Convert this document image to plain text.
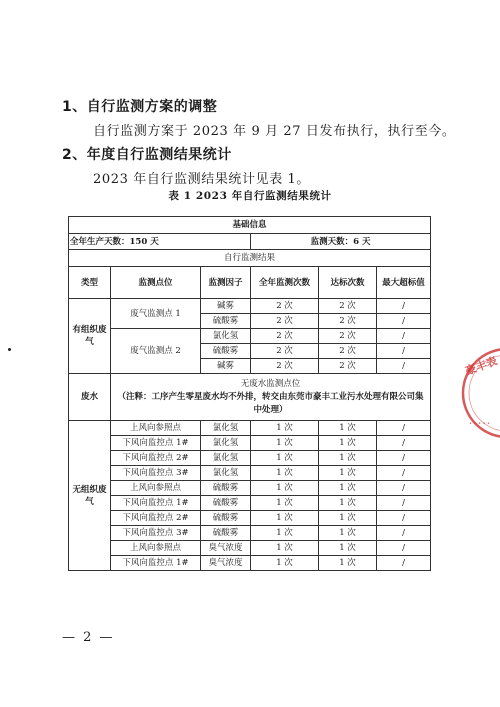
1、自行监测方案的调整
自行监测方案于 2023 年 9 月 27 日发布执行，执行至今。
2、年度自行监测结果统计
2023 年自行监测结果统计见表 1。
表 1 2023 年自行监测结果统计
基础信息					
全年生产天数：150 天			监测天数：6 天		
自行监测结果					
类型	监测点位	监测因子	全年监测次数	达标次数	最大超标值
有组织废气	废气监测点 1	碱雾	2 次	2 次	/
		硫酸雾	2 次	2 次	/
	废气监测点 2	氯化氢	2 次	2 次	/
		硫酸雾	2 次	2 次	/
		碱雾	2 次	2 次	/
废水	无废水监测点位
（注释：工序产生零星废水均不外排，转交由东莞市豪丰工业污水处理有限公司集中处理）				

无组织废气	上风向参照点	氯化氢	1 次	1 次	/
	下风向监控点 1#	氯化氢	1 次	1 次	/
	下风向监控点 2#	氯化氢	1 次	1 次	/
	下风向监控点 3#	氯化氢	1 次	1 次	/
	上风向参照点	硫酸雾	1 次	1 次	/
	下风向监控点 1#	硫酸雾	1 次	1 次	/
	下风向监控点 2#	硫酸雾	1 次	1 次	/
	下风向监控点 3#	硫酸雾	1 次	1 次	/
	上风向参照点	臭气浓度	1 次	1 次	/
	下风向监控点 1#	臭气浓度	1 次	1 次	/
豪丰表
• • • • •
— 2 —
